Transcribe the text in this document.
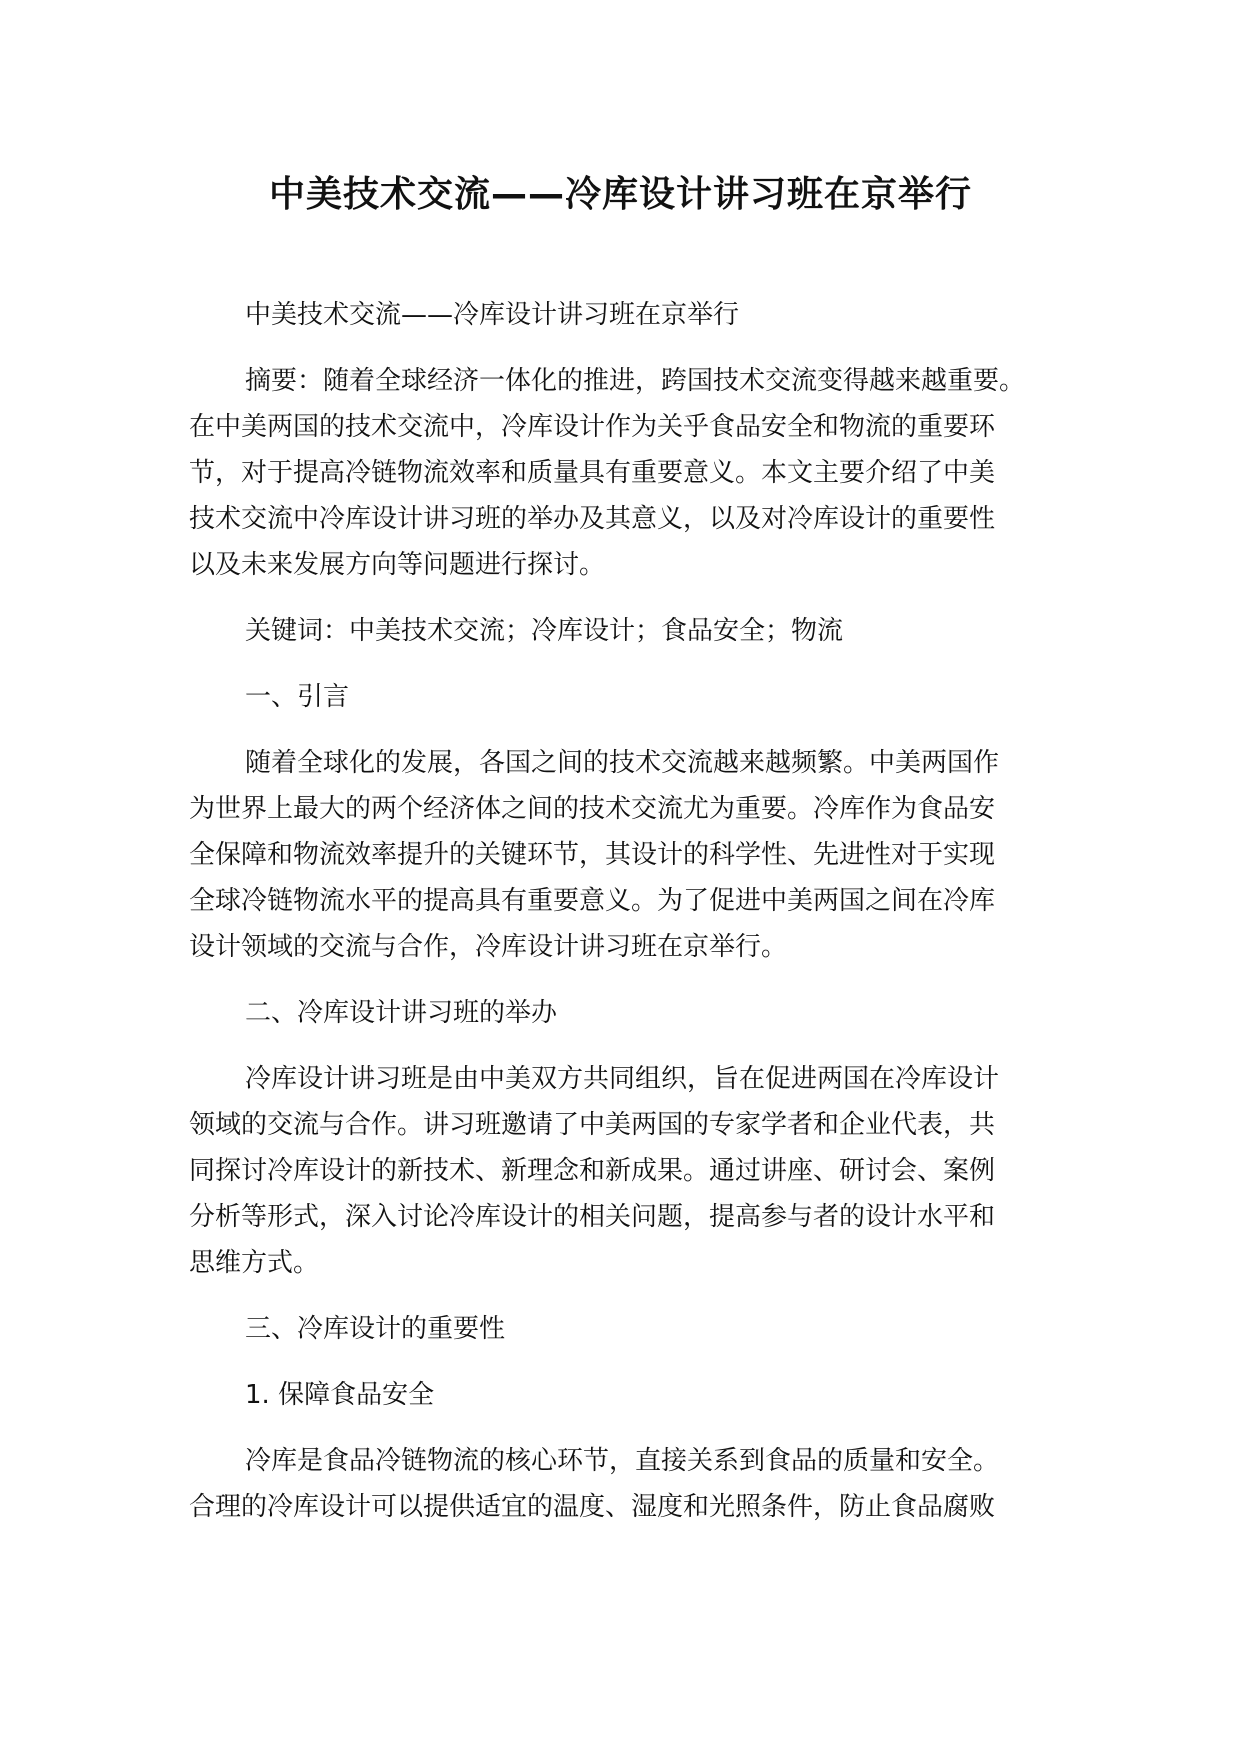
中美技术交流——冷库设计讲习班在京举行
中美技术交流——冷库设计讲习班在京举行
摘要：随着全球经济一体化的推进，跨国技术交流变得越来越重要。
在中美两国的技术交流中，冷库设计作为关乎食品安全和物流的重要环
节，对于提高冷链物流效率和质量具有重要意义。本文主要介绍了中美
技术交流中冷库设计讲习班的举办及其意义，以及对冷库设计的重要性
以及未来发展方向等问题进行探讨。
关键词：中美技术交流；冷库设计；食品安全；物流
一、引言
随着全球化的发展，各国之间的技术交流越来越频繁。中美两国作
为世界上最大的两个经济体之间的技术交流尤为重要。冷库作为食品安
全保障和物流效率提升的关键环节，其设计的科学性、先进性对于实现
全球冷链物流水平的提高具有重要意义。为了促进中美两国之间在冷库
设计领域的交流与合作，冷库设计讲习班在京举行。
二、冷库设计讲习班的举办
冷库设计讲习班是由中美双方共同组织，旨在促进两国在冷库设计
领域的交流与合作。讲习班邀请了中美两国的专家学者和企业代表，共
同探讨冷库设计的新技术、新理念和新成果。通过讲座、研讨会、案例
分析等形式，深入讨论冷库设计的相关问题，提高参与者的设计水平和
思维方式。
三、冷库设计的重要性
1. 保障食品安全
冷库是食品冷链物流的核心环节，直接关系到食品的质量和安全。
合理的冷库设计可以提供适宜的温度、湿度和光照条件，防止食品腐败
